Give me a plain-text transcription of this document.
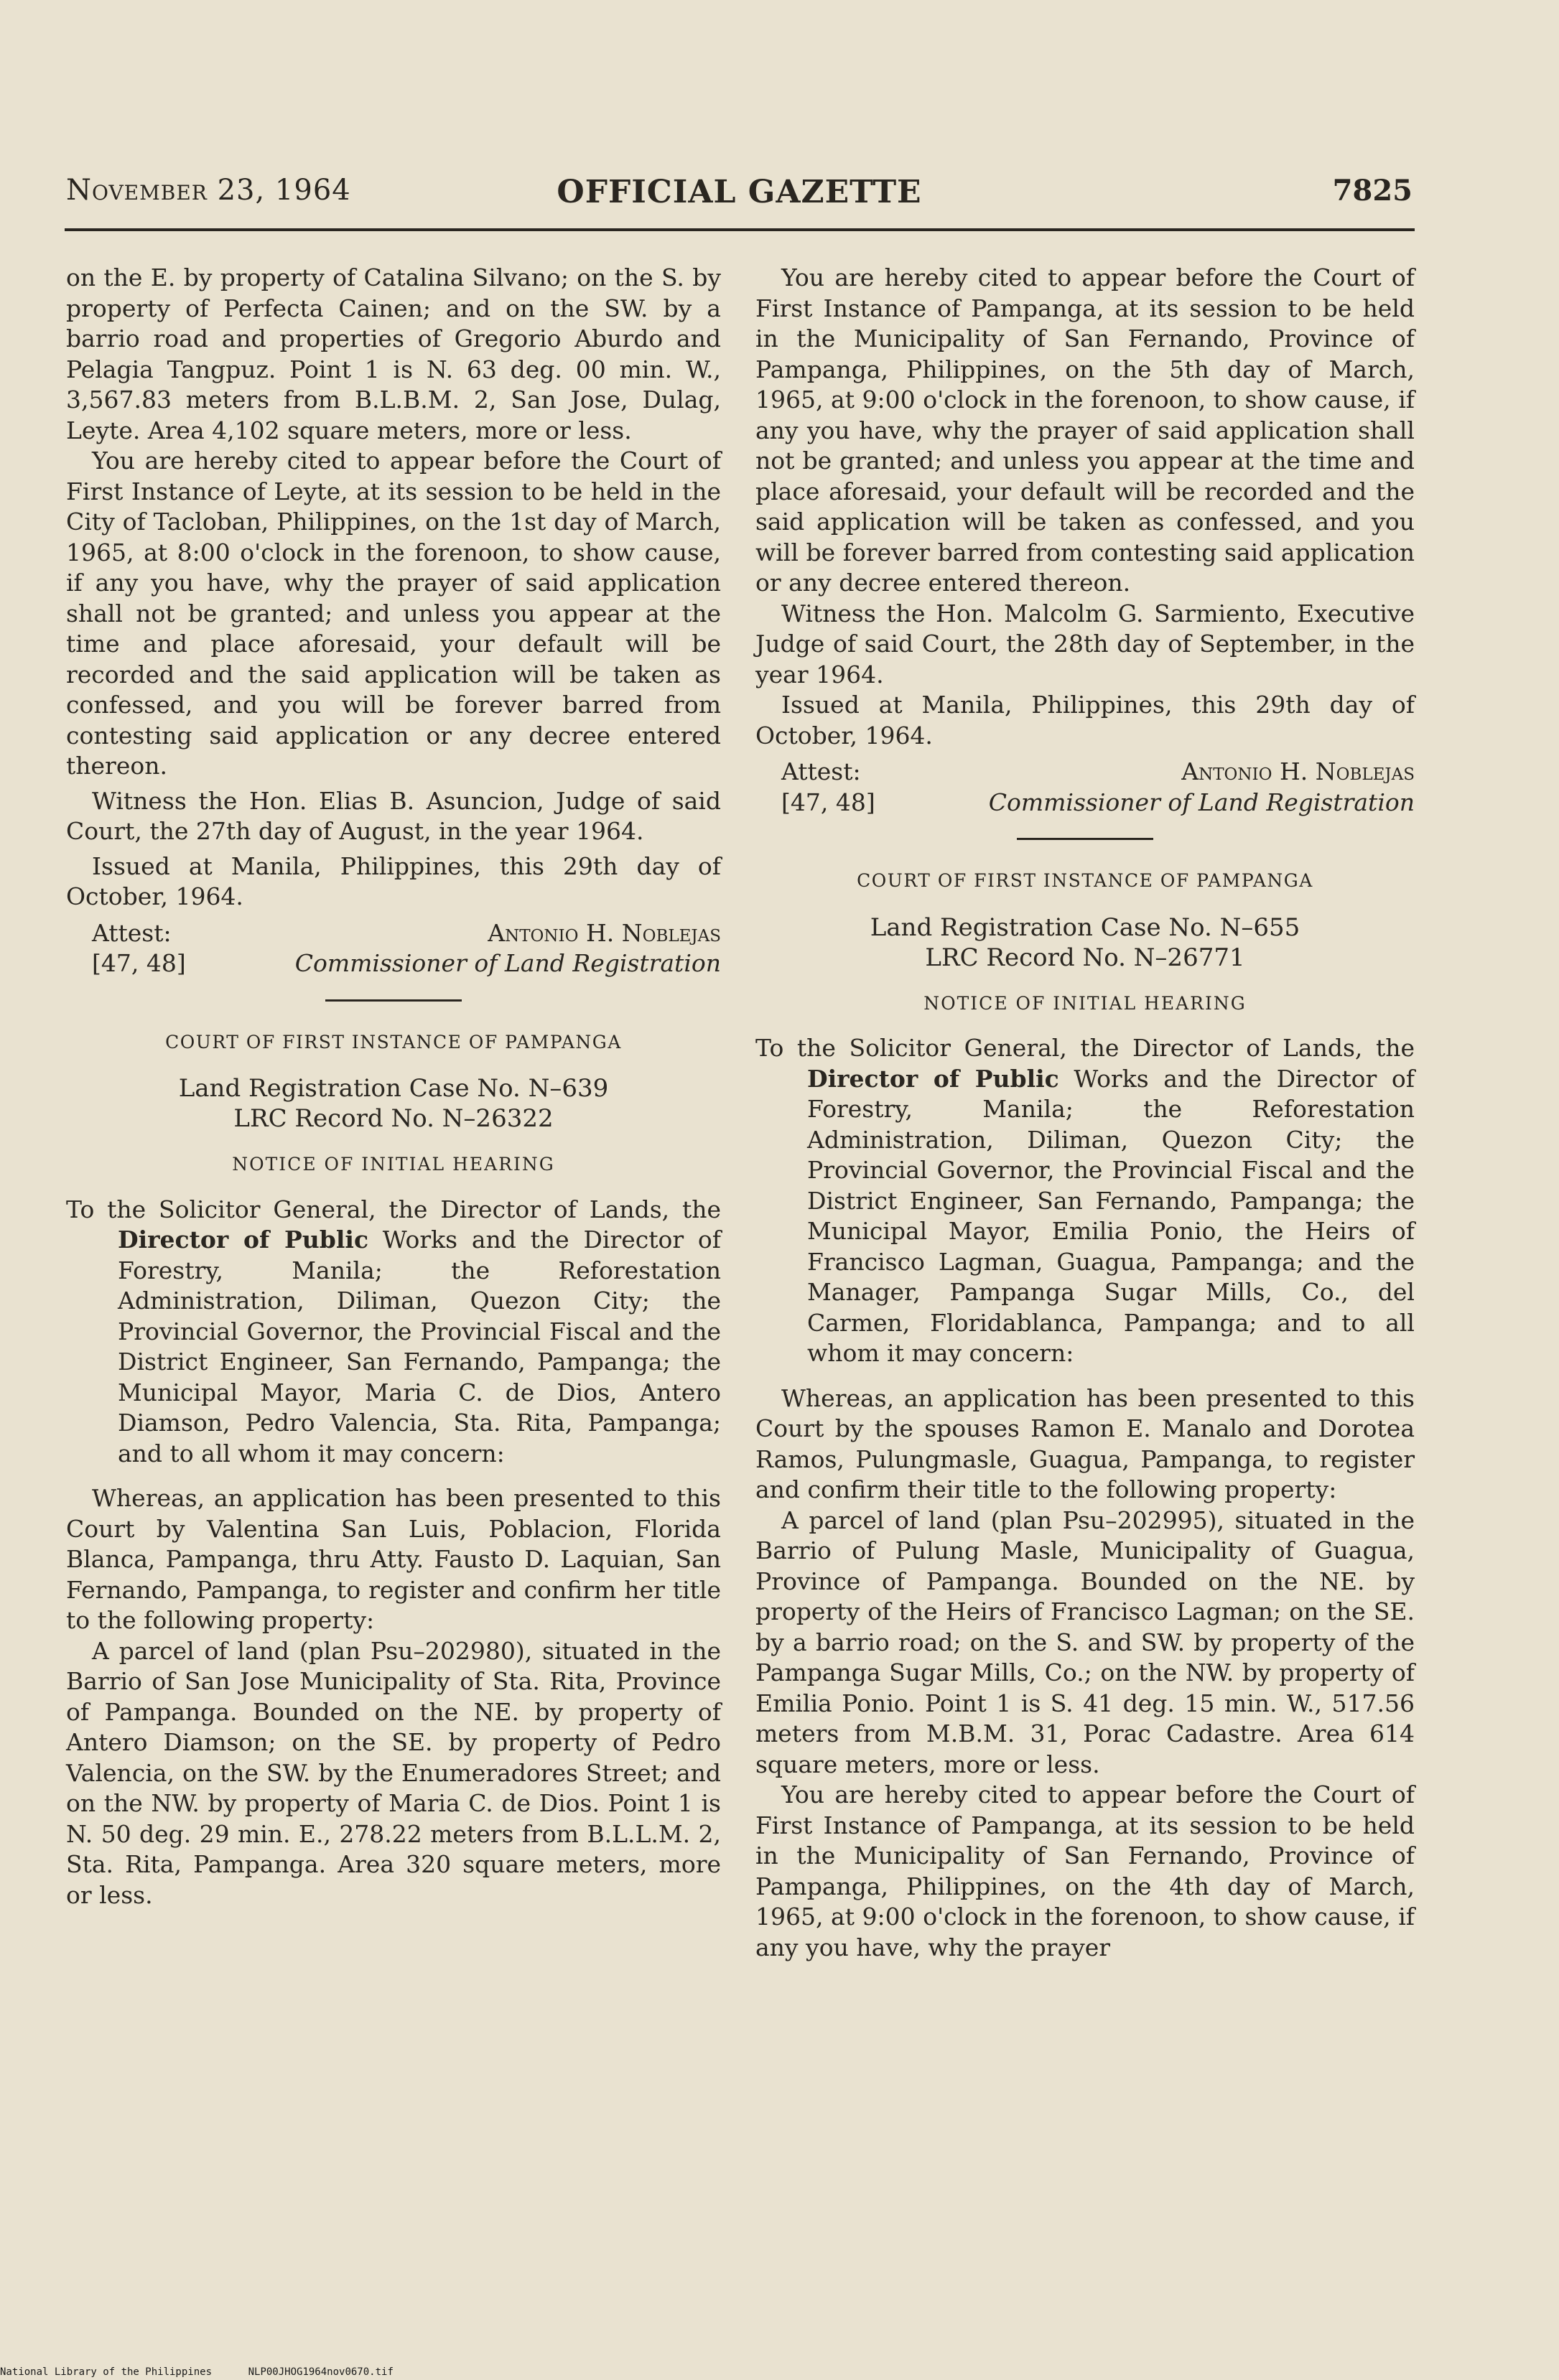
November 23, 1964	OFFICIAL GAZETTE	7825

on the E. by property of Catalina Silvano; on the S. by property of Perfecta Cainen; and on the SW. by a barrio road and properties of Gregorio Aburdo and Pelagia Tangpuz. Point 1 is N. 63 deg. 00 min. W., 3,567.83 meters from B.L.B.M. 2, San Jose, Dulag, Leyte. Area 4,102 square meters, more or less.

You are hereby cited to appear before the Court of First Instance of Leyte, at its session to be held in the City of Tacloban, Philippines, on the 1st day of March, 1965, at 8:00 o'clock in the forenoon, to show cause, if any you have, why the prayer of said application shall not be granted; and unless you appear at the time and place aforesaid, your default will be recorded and the said application will be taken as confessed, and you will be forever barred from contesting said application or any decree entered thereon.

Witness the Hon. Elias B. Asuncion, Judge of said Court, the 27th day of August, in the year 1964.

Issued at Manila, Philippines, this 29th day of October, 1964.

Attest:	Antonio H. Noblejas
[47, 48]	Commissioner of Land Registration
COURT OF FIRST INSTANCE OF PAMPANGA
Land Registration Case No. N–639
LRC Record No. N–26322
NOTICE OF INITIAL HEARING

To the Solicitor General, the Director of Lands, the Director of Public Works and the Director of Forestry, Manila; the Reforestation Administration, Diliman, Quezon City; the Provincial Governor, the Provincial Fiscal and the District Engineer, San Fernando, Pampanga; the Municipal Mayor, Maria C. de Dios, Antero Diamson, Pedro Valencia, Sta. Rita, Pampanga; and to all whom it may concern:

Whereas, an application has been presented to this Court by Valentina San Luis, Poblacion, Florida Blanca, Pampanga, thru Atty. Fausto D. Laquian, San Fernando, Pampanga, to register and confirm her title to the following property:

A parcel of land (plan Psu–202980), situated in the Barrio of San Jose Municipality of Sta. Rita, Province of Pampanga. Bounded on the NE. by property of Antero Diamson; on the SE. by property of Pedro Valencia, on the SW. by the Enumeradores Street; and on the NW. by property of Maria C. de Dios. Point 1 is N. 50 deg. 29 min. E., 278.22 meters from B.L.L.M. 2, Sta. Rita, Pampanga. Area 320 square meters, more or less.

You are hereby cited to appear before the Court of First Instance of Pampanga, at its session to be held in the Municipality of San Fernando, Province of Pampanga, Philippines, on the 5th day of March, 1965, at 9:00 o'clock in the forenoon, to show cause, if any you have, why the prayer of said application shall not be granted; and unless you appear at the time and place aforesaid, your default will be recorded and the said application will be taken as confessed, and you will be forever barred from contesting said application or any decree entered thereon.

Witness the Hon. Malcolm G. Sarmiento, Executive Judge of said Court, the 28th day of September, in the year 1964.

Issued at Manila, Philippines, this 29th day of October, 1964.

Attest:	Antonio H. Noblejas
[47, 48]	Commissioner of Land Registration
COURT OF FIRST INSTANCE OF PAMPANGA
Land Registration Case No. N–655
LRC Record No. N–26771
NOTICE OF INITIAL HEARING

To the Solicitor General, the Director of Lands, the Director of Public Works and the Director of Forestry, Manila; the Reforestation Administration, Diliman, Quezon City; the Provincial Governor, the Provincial Fiscal and the District Engineer, San Fernando, Pampanga; the Municipal Mayor, Emilia Ponio, the Heirs of Francisco Lagman, Guagua, Pampanga; and the Manager, Pampanga Sugar Mills, Co., del Carmen, Floridablanca, Pampanga; and to all whom it may concern:

Whereas, an application has been presented to this Court by the spouses Ramon E. Manalo and Dorotea Ramos, Pulungmasle, Guagua, Pampanga, to register and confirm their title to the following property:

A parcel of land (plan Psu–202995), situated in the Barrio of Pulung Masle, Municipality of Guagua, Province of Pampanga. Bounded on the NE. by property of the Heirs of Francisco Lagman; on the SE. by a barrio road; on the S. and SW. by property of the Pampanga Sugar Mills, Co.; on the NW. by property of Emilia Ponio. Point 1 is S. 41 deg. 15 min. W., 517.56 meters from M.B.M. 31, Porac Cadastre. Area 614 square meters, more or less.

You are hereby cited to appear before the Court of First Instance of Pampanga, at its session to be held in the Municipality of San Fernando, Province of Pampanga, Philippines, on the 4th day of March, 1965, at 9:00 o'clock in the forenoon, to show cause, if any you have, why the prayer

National Library of the Philippines	NLP00JHOG1964nov0670.tif
